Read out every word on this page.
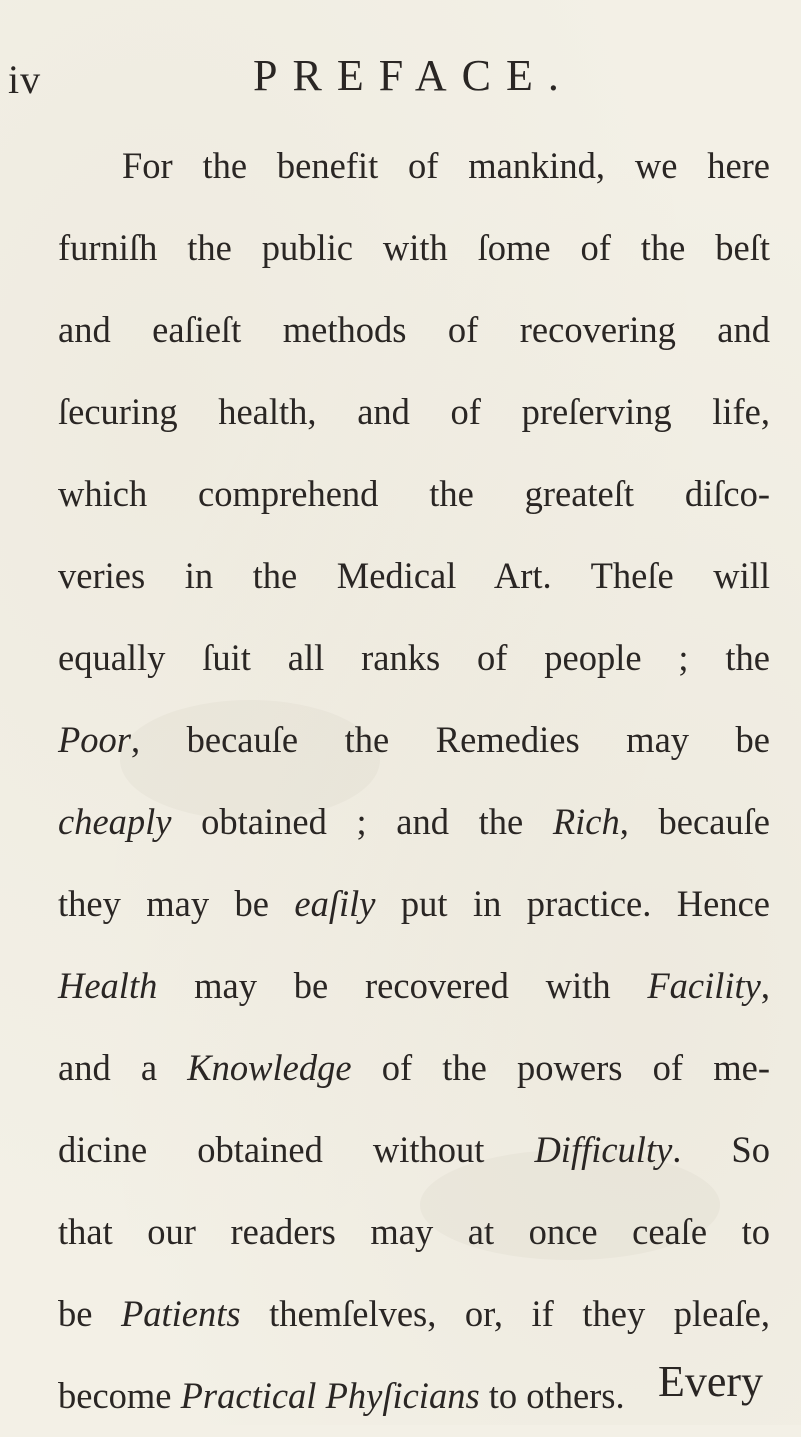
iv	PREFACE.
For the benefit of mankind, we here
furniſh the public with ſome of the beſt
and eaſieſt methods of recovering and
ſecuring health, and of preſerving life,
which comprehend the greateſt diſco-
veries in the Medical Art. Theſe will
equally ſuit all ranks of people ; the
Poor, becauſe the Remedies may be
cheaply obtained ; and the Rich, becauſe
they may be eaſily put in practice. Hence
Health may be recovered with Facility,
and a Knowledge of the powers of me-
dicine obtained without Difficulty. So
that our readers may at once ceaſe to
be Patients themſelves, or, if they pleaſe,
become Practical Phyſicians to others. Every
